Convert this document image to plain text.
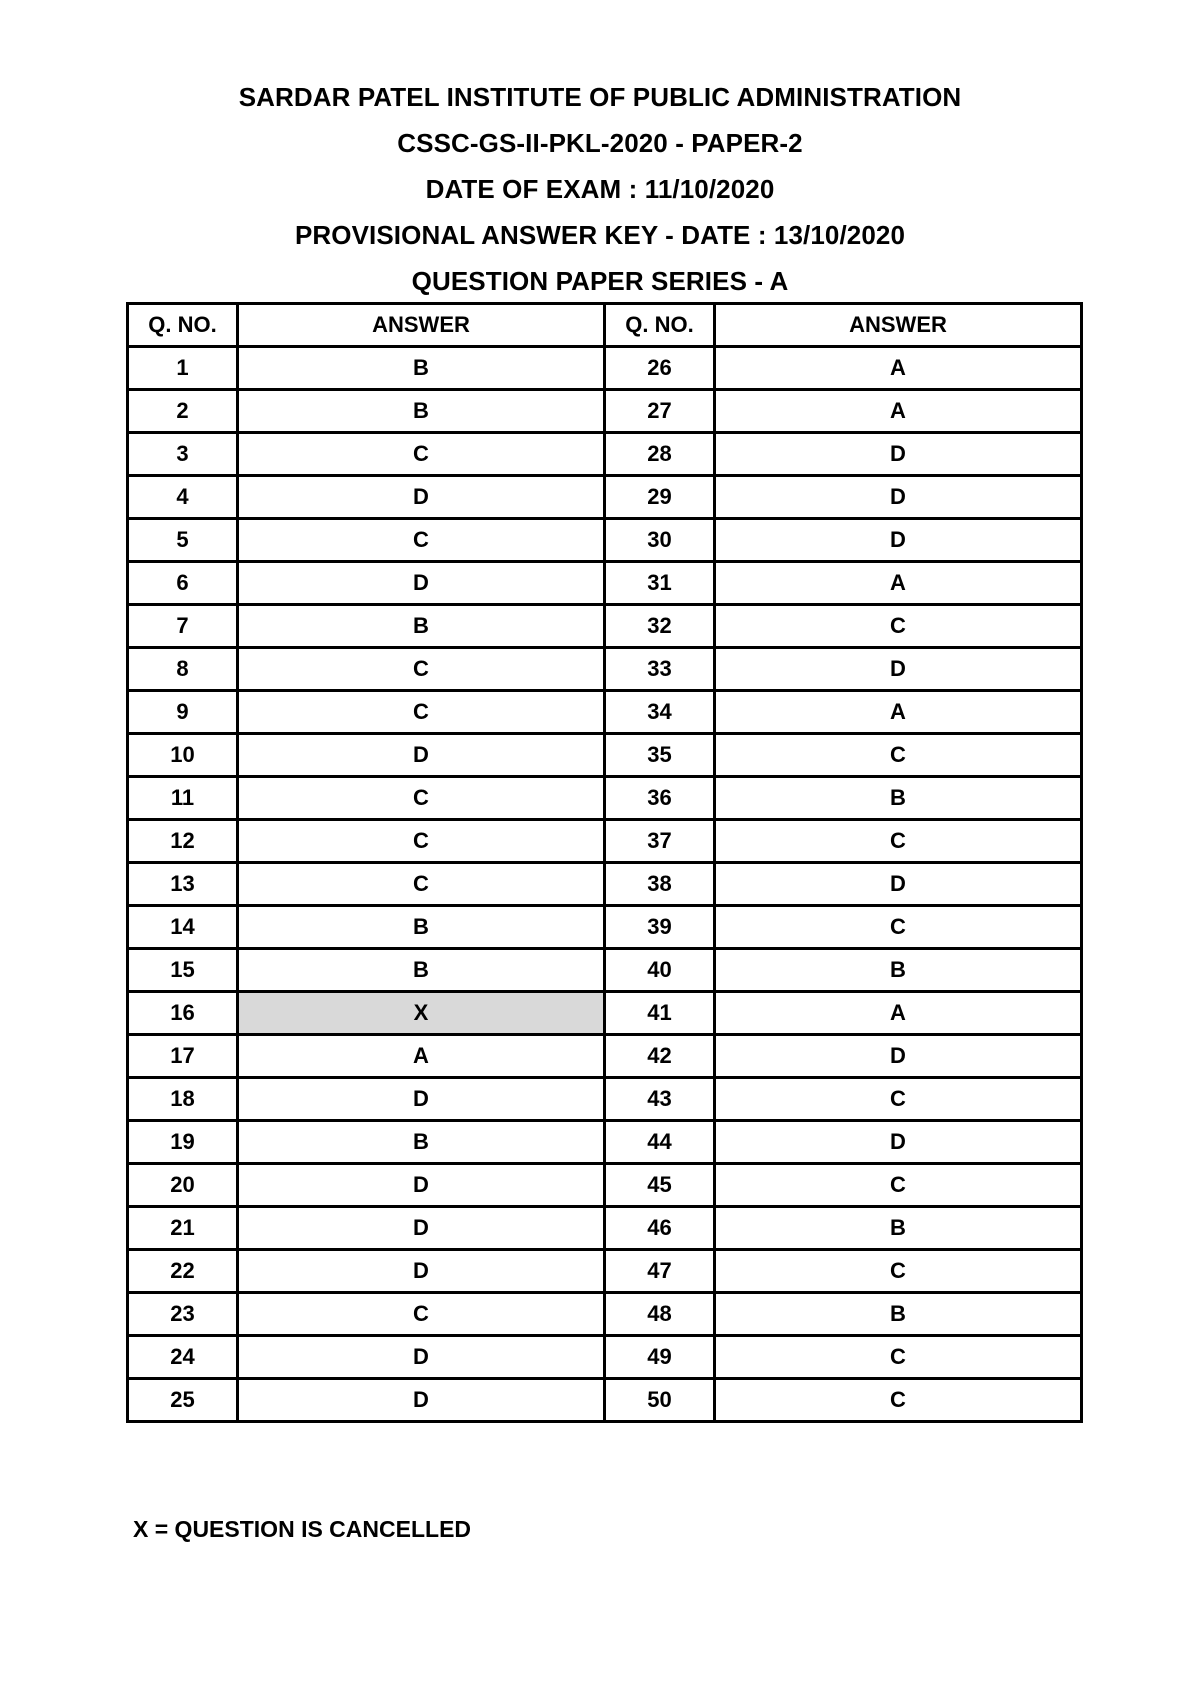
SARDAR PATEL INSTITUTE OF PUBLIC ADMINISTRATION
CSSC-GS-II-PKL-2020 - PAPER-2
DATE OF EXAM : 11/10/2020
PROVISIONAL ANSWER KEY - DATE : 13/10/2020
QUESTION PAPER SERIES - A
Q. NO.	ANSWER	Q. NO.	ANSWER
1	B	26	A
2	B	27	A
3	C	28	D
4	D	29	D
5	C	30	D
6	D	31	A
7	B	32	C
8	C	33	D
9	C	34	A
10	D	35	C
11	C	36	B
12	C	37	C
13	C	38	D
14	B	39	C
15	B	40	B
16	X	41	A
17	A	42	D
18	D	43	C
19	B	44	D
20	D	45	C
21	D	46	B
22	D	47	C
23	C	48	B
24	D	49	C
25	D	50	C
X = QUESTION IS CANCELLED
